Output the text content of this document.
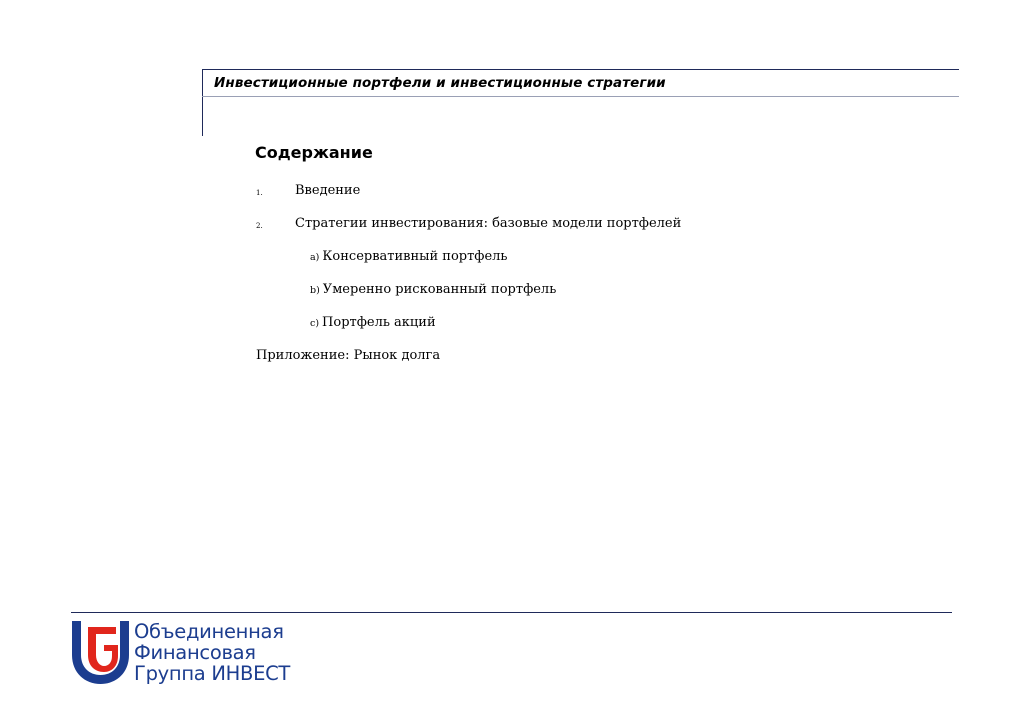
Инвестиционные портфели и инвестиционные стратегии
Содержание
1. Введение
2. Стратегии инвестирования: базовые модели портфелей
a) Консервативный портфель
b) Умеренно рискованный портфель
c) Портфель акций
Приложение: Рынок долга
Объединенная
Финансовая
Группа ИНВЕСТ
